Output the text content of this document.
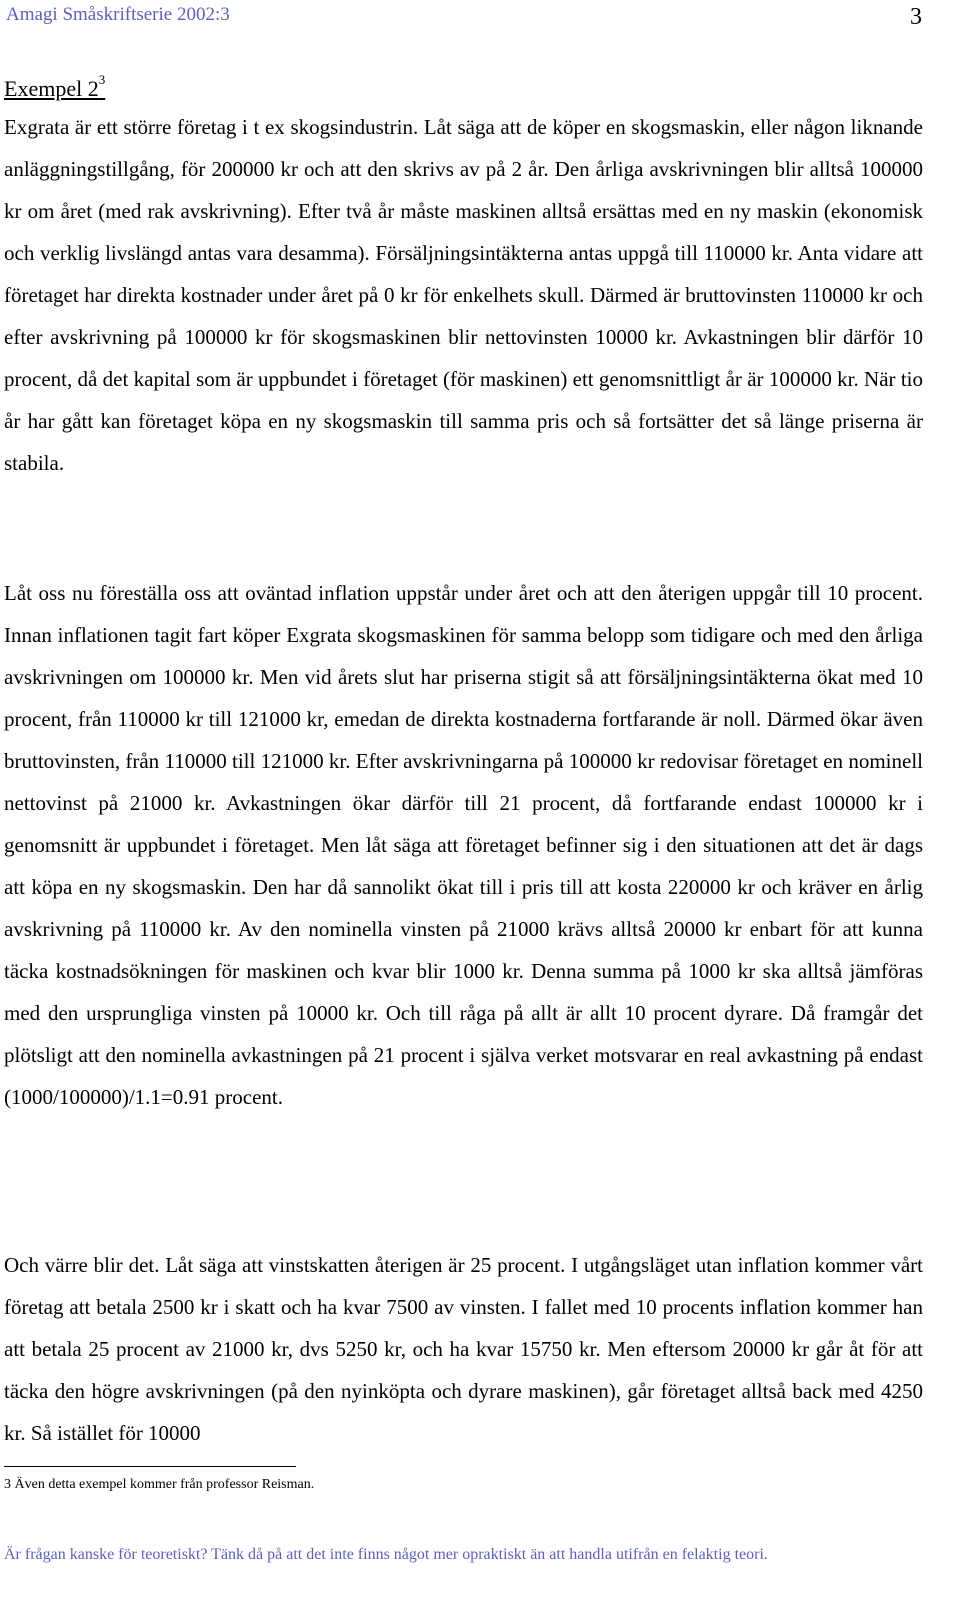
Amagi Småskriftserie 2002:3	3
Exempel $2^3$

Exgrata är ett större företag i t ex skogsindustrin. Låt säga att de köper en skogsmaskin, eller någon liknande anläggningstillgång, för 200000 kr och att den skrivs av på 2 år. Den årliga avskrivningen blir alltså 100000 kr om året (med rak avskrivning). Efter två år måste maskinen alltså ersättas med en ny maskin (ekonomisk och verklig livslängd antas vara desamma). Försäljningsintäkterna antas uppgå till 110000 kr. Anta vidare att företaget har direkta kostnader under året på 0 kr för enkelhets skull. Därmed är bruttovinsten 110000 kr och efter avskrivning på 100000 kr för skogsmaskinen blir nettovinsten 10000 kr. Avkastningen blir därför 10 procent, då det kapital som är uppbundet i företaget (för maskinen) ett genomsnittligt år är 100000 kr. När tio år har gått kan företaget köpa en ny skogsmaskin till samma pris och så fortsätter det så länge priserna är stabila.

Låt oss nu föreställa oss att oväntad inflation uppstår under året och att den återigen uppgår till 10 procent. Innan inflationen tagit fart köper Exgrata skogsmaskinen för samma belopp som tidigare och med den årliga avskrivningen om 100000 kr. Men vid årets slut har priserna stigit så att försäljningsintäkterna ökat med 10 procent, från 110000 kr till 121000 kr, emedan de direkta kostnaderna fortfarande är noll. Därmed ökar även bruttovinsten, från 110000 till 121000 kr. Efter avskrivningarna på 100000 kr redovisar företaget en nominell nettovinst på 21000 kr. Avkastningen ökar därför till 21 procent, då fortfarande endast 100000 kr i genomsnitt är uppbundet i företaget. Men låt säga att företaget befinner sig i den situationen att det är dags att köpa en ny skogsmaskin. Den har då sannolikt ökat till i pris till att kosta 220000 kr och kräver en årlig avskrivning på 110000 kr. Av den nominella vinsten på 21000 krävs alltså 20000 kr enbart för att kunna täcka kostnadsökningen för maskinen och kvar blir 1000 kr. Denna summa på 1000 kr ska alltså jämföras med den ursprungliga vinsten på 10000 kr. Och till råga på allt är allt 10 procent dyrare. Då framgår det plötsligt att den nominella avkastningen på 21 procent i själva verket motsvarar en real avkastning på endast (1000/100000)/1.1=0.91 procent.

Och värre blir det. Låt säga att vinstskatten återigen är 25 procent. I utgångsläget utan inflation kommer vårt företag att betala 2500 kr i skatt och ha kvar 7500 av vinsten. I fallet med 10 procents inflation kommer han att betala 25 procent av 21000 kr, dvs 5250 kr, och ha kvar 15750 kr. Men eftersom 20000 kr går åt för att täcka den högre avskrivningen (på den nyinköpta och dyrare maskinen), går företaget alltså back med 4250 kr. Så istället för 10000

3 Även detta exempel kommer från professor Reisman.
Är frågan kanske för teoretiskt? Tänk då på att det inte finns något mer opraktiskt än att handla utifrån en felaktig teori.
